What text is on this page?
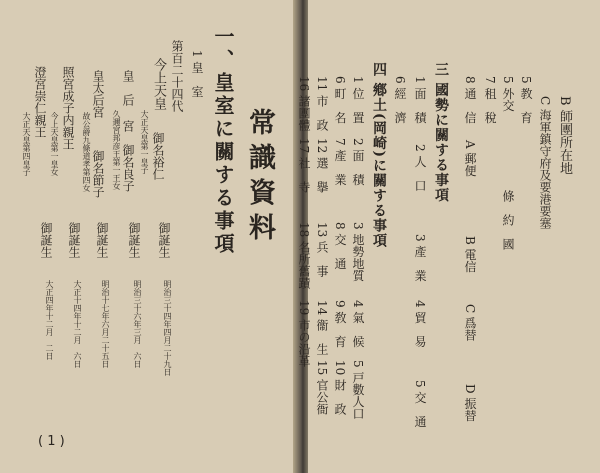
常識資料
一、皇室に關する事項
1 皇　室
第百二十四代
今上天皇
御名裕仁
御誕生
明治三十四年四月二十九日
大正天皇第一皇子
皇　后
宮　御名良子
御誕生
明治三十六年三月　六日
久邇宮邦彦王第一王女
皇太后宮
御名節子
御誕生
明治十七年六月二十五日
故公爵九條道孝第四女
照宮成子内親王
今上天皇第一皇女
御誕生
大正十四年十二月　六日
澄宮崇仁親王
大正天皇第四皇子
御誕生
大正四年十二月　二日
( 1 )
B 師團所在地
C 海軍鎮守府及要港要塞
5 教　育
5 外交
條　約　國
7 租　稅
8 通　信
A 郵便
B 電信
C 爲替
D 振替
三 國勢に關する事項
1 面　積
2 人　口
3 產　業
4 貿　易
5 交　通
6 經　濟
四 鄕土(岡崎)に關する事項
1 位　置
2 面　積
3 地勢地質
4 氣　候
5 戸數人口
6 町　名
7 產　業
8 交　通
9 敎　育
10 財　政
11 市　政
12 選　擧
13 兵　事
14 衞　生
15 官公衙
16 諸團體
17 社　寺
18 名所舊蹟
19 市の沿革
